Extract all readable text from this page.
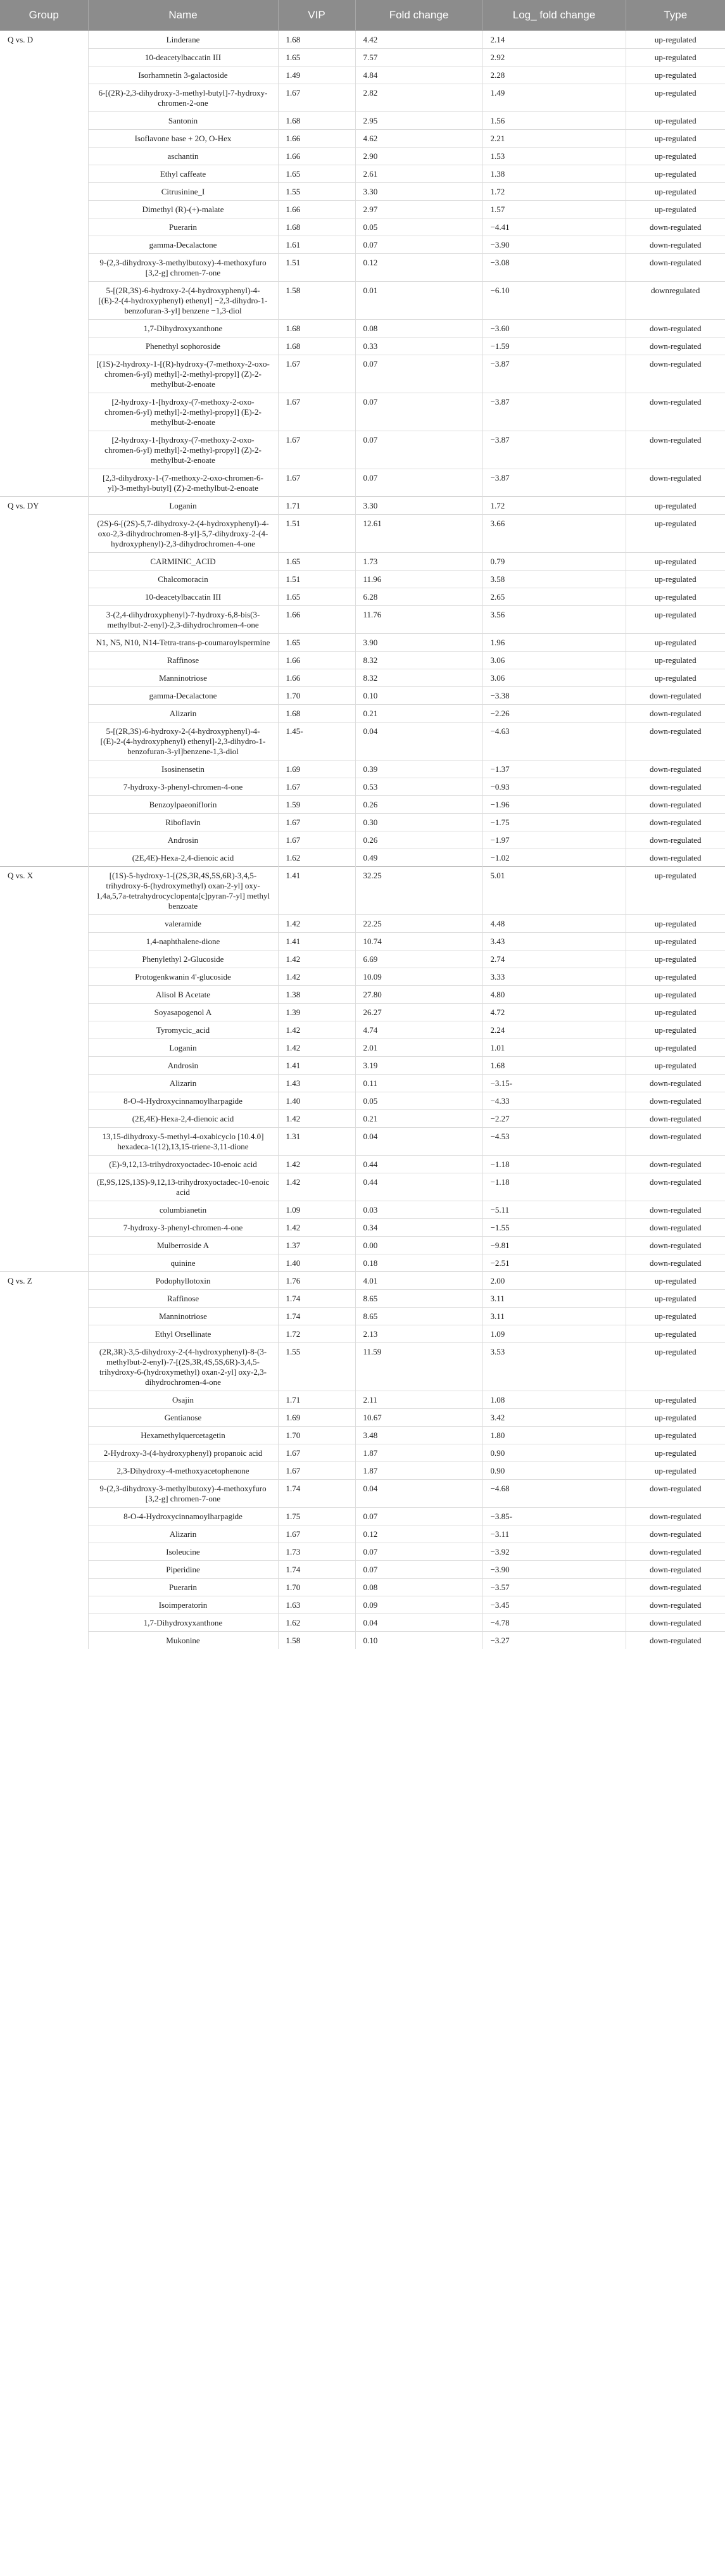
Group	Name	VIP	Fold change	Log_ fold change	Type
Q vs. D	Linderane	1.68	4.42	2.14	up-regulated
	10-deacetylbaccatin III	1.65	7.57	2.92	up-regulated
	Isorhamnetin 3-galactoside	1.49	4.84	2.28	up-regulated
	6-[(2R)-2,3-dihydroxy-3-methyl-butyl]-7-hydroxy-chromen-2-one	1.67	2.82	1.49	up-regulated
	Santonin	1.68	2.95	1.56	up-regulated
	Isoflavone base + 2O, O-Hex	1.66	4.62	2.21	up-regulated
	aschantin	1.66	2.90	1.53	up-regulated
	Ethyl caffeate	1.65	2.61	1.38	up-regulated
	Citrusinine_I	1.55	3.30	1.72	up-regulated
	Dimethyl (R)-(+)-malate	1.66	2.97	1.57	up-regulated
	Puerarin	1.68	0.05	−4.41	down-regulated
	gamma-Decalactone	1.61	0.07	−3.90	down-regulated
	9-(2,3-dihydroxy-3-methylbutoxy)-4-methoxyfuro [3,2-g] chromen-7-one	1.51	0.12	−3.08	down-regulated
	5-[(2R,3S)-6-hydroxy-2-(4-hydroxyphenyl)-4-[(E)-2-(4-hydroxyphenyl) ethenyl] −2,3-dihydro-1-benzofuran-3-yl] benzene −1,3-diol	1.58	0.01	−6.10	downregulated
	1,7-Dihydroxyxanthone	1.68	0.08	−3.60	down-regulated
	Phenethyl sophoroside	1.68	0.33	−1.59	down-regulated
	[(1S)-2-hydroxy-1-[(R)-hydroxy-(7-methoxy-2-oxo-chromen-6-yl) methyl]-2-methyl-propyl] (Z)-2-methylbut-2-enoate	1.67	0.07	−3.87	down-regulated
	[2-hydroxy-1-[hydroxy-(7-methoxy-2-oxo-chromen-6-yl) methyl]-2-methyl-propyl] (E)-2-methylbut-2-enoate	1.67	0.07	−3.87	down-regulated
	[2-hydroxy-1-[hydroxy-(7-methoxy-2-oxo-chromen-6-yl) methyl]-2-methyl-propyl] (Z)-2-methylbut-2-enoate	1.67	0.07	−3.87	down-regulated
	[2,3-dihydroxy-1-(7-methoxy-2-oxo-chromen-6-yl)-3-methyl-butyl] (Z)-2-methylbut-2-enoate	1.67	0.07	−3.87	down-regulated
Q vs. DY	Loganin	1.71	3.30	1.72	up-regulated
	(2S)-6-[(2S)-5,7-dihydroxy-2-(4-hydroxyphenyl)-4-oxo-2,3-dihydrochromen-8-yl]-5,7-dihydroxy-2-(4-hydroxyphenyl)-2,3-dihydrochromen-4-one	1.51	12.61	3.66	up-regulated
	CARMINIC_ACID	1.65	1.73	0.79	up-regulated
	Chalcomoracin	1.51	11.96	3.58	up-regulated
	10-deacetylbaccatin III	1.65	6.28	2.65	up-regulated
	3-(2,4-dihydroxyphenyl)-7-hydroxy-6,8-bis(3-methylbut-2-enyl)-2,3-dihydrochromen-4-one	1.66	11.76	3.56	up-regulated
	N1, N5, N10, N14-Tetra-trans-p-coumaroylspermine	1.65	3.90	1.96	up-regulated
	Raffinose	1.66	8.32	3.06	up-regulated
	Manninotriose	1.66	8.32	3.06	up-regulated
	gamma-Decalactone	1.70	0.10	−3.38	down-regulated
	Alizarin	1.68	0.21	−2.26	down-regulated
	5-[(2R,3S)-6-hydroxy-2-(4-hydroxyphenyl)-4-[(E)-2-(4-hydroxyphenyl) ethenyl]-2,3-dihydro-1-benzofuran-3-yl]benzene-1,3-diol	1.45-	0.04	−4.63	down-regulated
	Isosinensetin	1.69	0.39	−1.37	down-regulated
	7-hydroxy-3-phenyl-chromen-4-one	1.67	0.53	−0.93	down-regulated
	Benzoylpaeoniflorin	1.59	0.26	−1.96	down-regulated
	Riboflavin	1.67	0.30	−1.75	down-regulated
	Androsin	1.67	0.26	−1.97	down-regulated
	(2E,4E)-Hexa-2,4-dienoic acid	1.62	0.49	−1.02	down-regulated
Q vs. X	[(1S)-5-hydroxy-1-[(2S,3R,4S,5S,6R)-3,4,5-trihydroxy-6-(hydroxymethyl) oxan-2-yl] oxy-1,4a,5,7a-tetrahydrocyclopenta[c]pyran-7-yl] methyl benzoate	1.41	32.25	5.01	up-regulated
	valeramide	1.42	22.25	4.48	up-regulated
	1,4-naphthalene-dione	1.41	10.74	3.43	up-regulated
	Phenylethyl 2-Glucoside	1.42	6.69	2.74	up-regulated
	Protogenkwanin 4'-glucoside	1.42	10.09	3.33	up-regulated
	Alisol B Acetate	1.38	27.80	4.80	up-regulated
	Soyasapogenol A	1.39	26.27	4.72	up-regulated
	Tyromycic_acid	1.42	4.74	2.24	up-regulated
	Loganin	1.42	2.01	1.01	up-regulated
	Androsin	1.41	3.19	1.68	up-regulated
	Alizarin	1.43	0.11	−3.15-	down-regulated
	8-O-4-Hydroxycinnamoylharpagide	1.40	0.05	−4.33	down-regulated
	(2E,4E)-Hexa-2,4-dienoic acid	1.42	0.21	−2.27	down-regulated
	13,15-dihydroxy-5-methyl-4-oxabicyclo [10.4.0] hexadeca-1(12),13,15-triene-3,11-dione	1.31	0.04	−4.53	down-regulated
	(E)-9,12,13-trihydroxyoctadec-10-enoic acid	1.42	0.44	−1.18	down-regulated
	(E,9S,12S,13S)-9,12,13-trihydroxyoctadec-10-enoic acid	1.42	0.44	−1.18	down-regulated
	columbianetin	1.09	0.03	−5.11	down-regulated
	7-hydroxy-3-phenyl-chromen-4-one	1.42	0.34	−1.55	down-regulated
	Mulberroside A	1.37	0.00	−9.81	down-regulated
	quinine	1.40	0.18	−2.51	down-regulated
Q vs. Z	Podophyllotoxin	1.76	4.01	2.00	up-regulated
	Raffinose	1.74	8.65	3.11	up-regulated
	Manninotriose	1.74	8.65	3.11	up-regulated
	Ethyl Orsellinate	1.72	2.13	1.09	up-regulated
	(2R,3R)-3,5-dihydroxy-2-(4-hydroxyphenyl)-8-(3-methylbut-2-enyl)-7-[(2S,3R,4S,5S,6R)-3,4,5-trihydroxy-6-(hydroxymethyl) oxan-2-yl] oxy-2,3-dihydrochromen-4-one	1.55	11.59	3.53	up-regulated
	Osajin	1.71	2.11	1.08	up-regulated
	Gentianose	1.69	10.67	3.42	up-regulated
	Hexamethylquercetagetin	1.70	3.48	1.80	up-regulated
	2-Hydroxy-3-(4-hydroxyphenyl) propanoic acid	1.67	1.87	0.90	up-regulated
	2,3-Dihydroxy-4-methoxyacetophenone	1.67	1.87	0.90	up-regulated
	9-(2,3-dihydroxy-3-methylbutoxy)-4-methoxyfuro [3,2-g] chromen-7-one	1.74	0.04	−4.68	down-regulated
	8-O-4-Hydroxycinnamoylharpagide	1.75	0.07	−3.85-	down-regulated
	Alizarin	1.67	0.12	−3.11	down-regulated
	Isoleucine	1.73	0.07	−3.92	down-regulated
	Piperidine	1.74	0.07	−3.90	down-regulated
	Puerarin	1.70	0.08	−3.57	down-regulated
	Isoimperatorin	1.63	0.09	−3.45	down-regulated
	1,7-Dihydroxyxanthone	1.62	0.04	−4.78	down-regulated
	Mukonine	1.58	0.10	−3.27	down-regulated
